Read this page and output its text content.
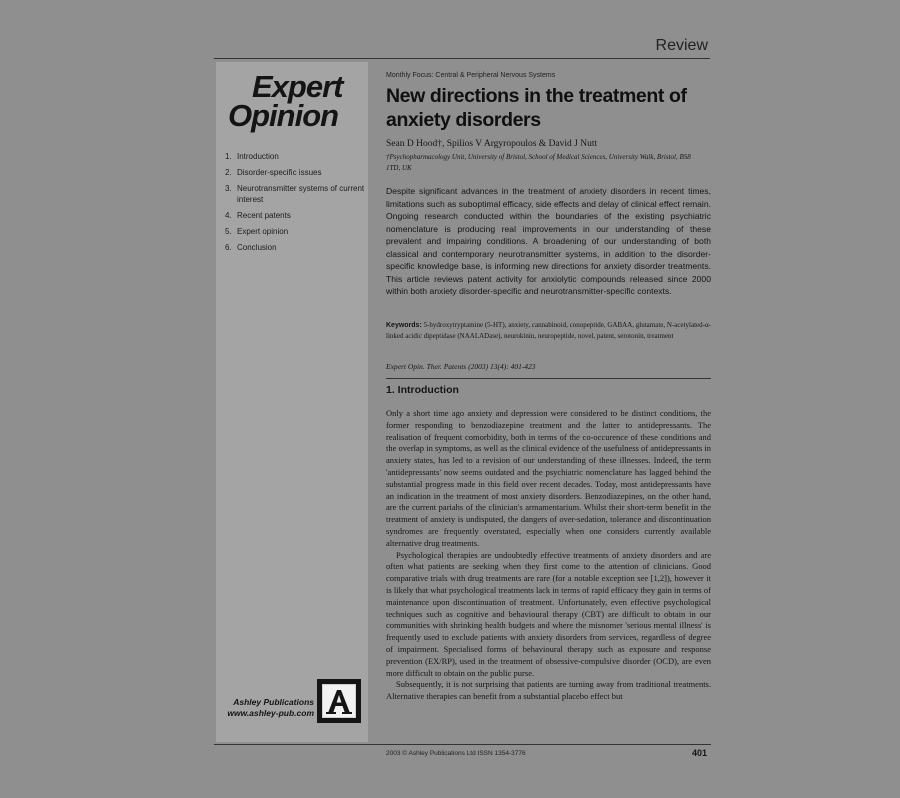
Review
Expert
Opinion
1. Introduction
2. Disorder-specific issues
3. Neurotransmitter systems of current interest
4. Recent patents
5. Expert opinion
6. Conclusion
Ashley Publications
www.ashley-pub.com
Monthly Focus: Central & Peripheral Nervous Systems
New directions in the treatment of
anxiety disorders
Sean D Hood†, Spilios V Argyropoulos & David J Nutt
†Psychopharmacology Unit, University of Bristol, School of Medical Sciences, University Walk, Bristol, BS8 1TD, UK
Despite significant advances in the treatment of anxiety disorders in recent times, limitations such as suboptimal efficacy, side effects and delay of clinical effect remain. Ongoing research conducted within the boundaries of the existing psychiatric nomenclature is producing real improvements in our understanding of these prevalent and impairing conditions. A broadening of our understanding of both classical and contemporary neurotransmitter systems, in addition to the disorder-specific knowledge base, is informing new directions for anxiety disorder treatments. This article reviews patent activity for anxiolytic compounds released since 2000 within both anxiety disorder-specific and neurotransmitter-specific contexts.
Keywords: 5-hydroxytryptamine (5-HT), anxiety, cannabinoid, conopeptide, GABAA, glutamate, N-acetylated-α-linked acidic dipeptidase (NAALADase), neurokinin, neuropeptide, novel, patent, serotonin, treatment
Expert Opin. Ther. Patents (2003) 13(4): 401-423
1. Introduction

Only a short time ago anxiety and depression were considered to be distinct conditions, the former responding to benzodiazepine treatment and the latter to antidepressants. The realisation of frequent comorbidity, both in terms of the co-occurence of these conditions and the overlap in symptoms, as well as the clinical evidence of the usefulness of antidepressants in anxiety states, has led to a revision of our understanding of these illnesses. Indeed, the term 'antidepressants' now seems outdated and the psychiatric nomenclature has lagged behind the substantial progress made in this field over recent decades. Today, most antidepressants have an indication in the treatment of most anxiety disorders. Benzodiazepines, on the other hand, are the current pariahs of the clinician's armamentarium. Whilst their short-term benefit in the treatment of anxiety is undisputed, the dangers of over-sedation, tolerance and discontinuation syndromes are frequently overstated, especially when one considers currently available alternative drug treatments.

Psychological therapies are undoubtedly effective treatments of anxiety disorders and are often what patients are seeking when they first come to the attention of clinicians. Good comparative trials with drug treatments are rare (for a notable exception see [1,2]), however it is likely that what psychological treatments lack in terms of rapid efficacy they gain in terms of maintenance upon discontinuation of treatment. Unfortunately, even effective psychological techniques such as cognitive and behavioural therapy (CBT) are difficult to obtain in our communities with shrinking health budgets and where the misnomer 'serious mental illness' is frequently used to exclude patients with anxiety disorders from services, regardless of degree of impairment. Specialised forms of behavioural therapy such as exposure and response prevention (EX/RP), used in the treatment of obsessive-compulsive disorder (OCD), are even more difficult to obtain on the public purse.

Subsequently, it is not surprising that patients are turning away from traditional treatments. Alternative therapies can benefit from a substantial placebo effect but

2003 © Ashley Publications Ltd ISSN 1354-3776	401
